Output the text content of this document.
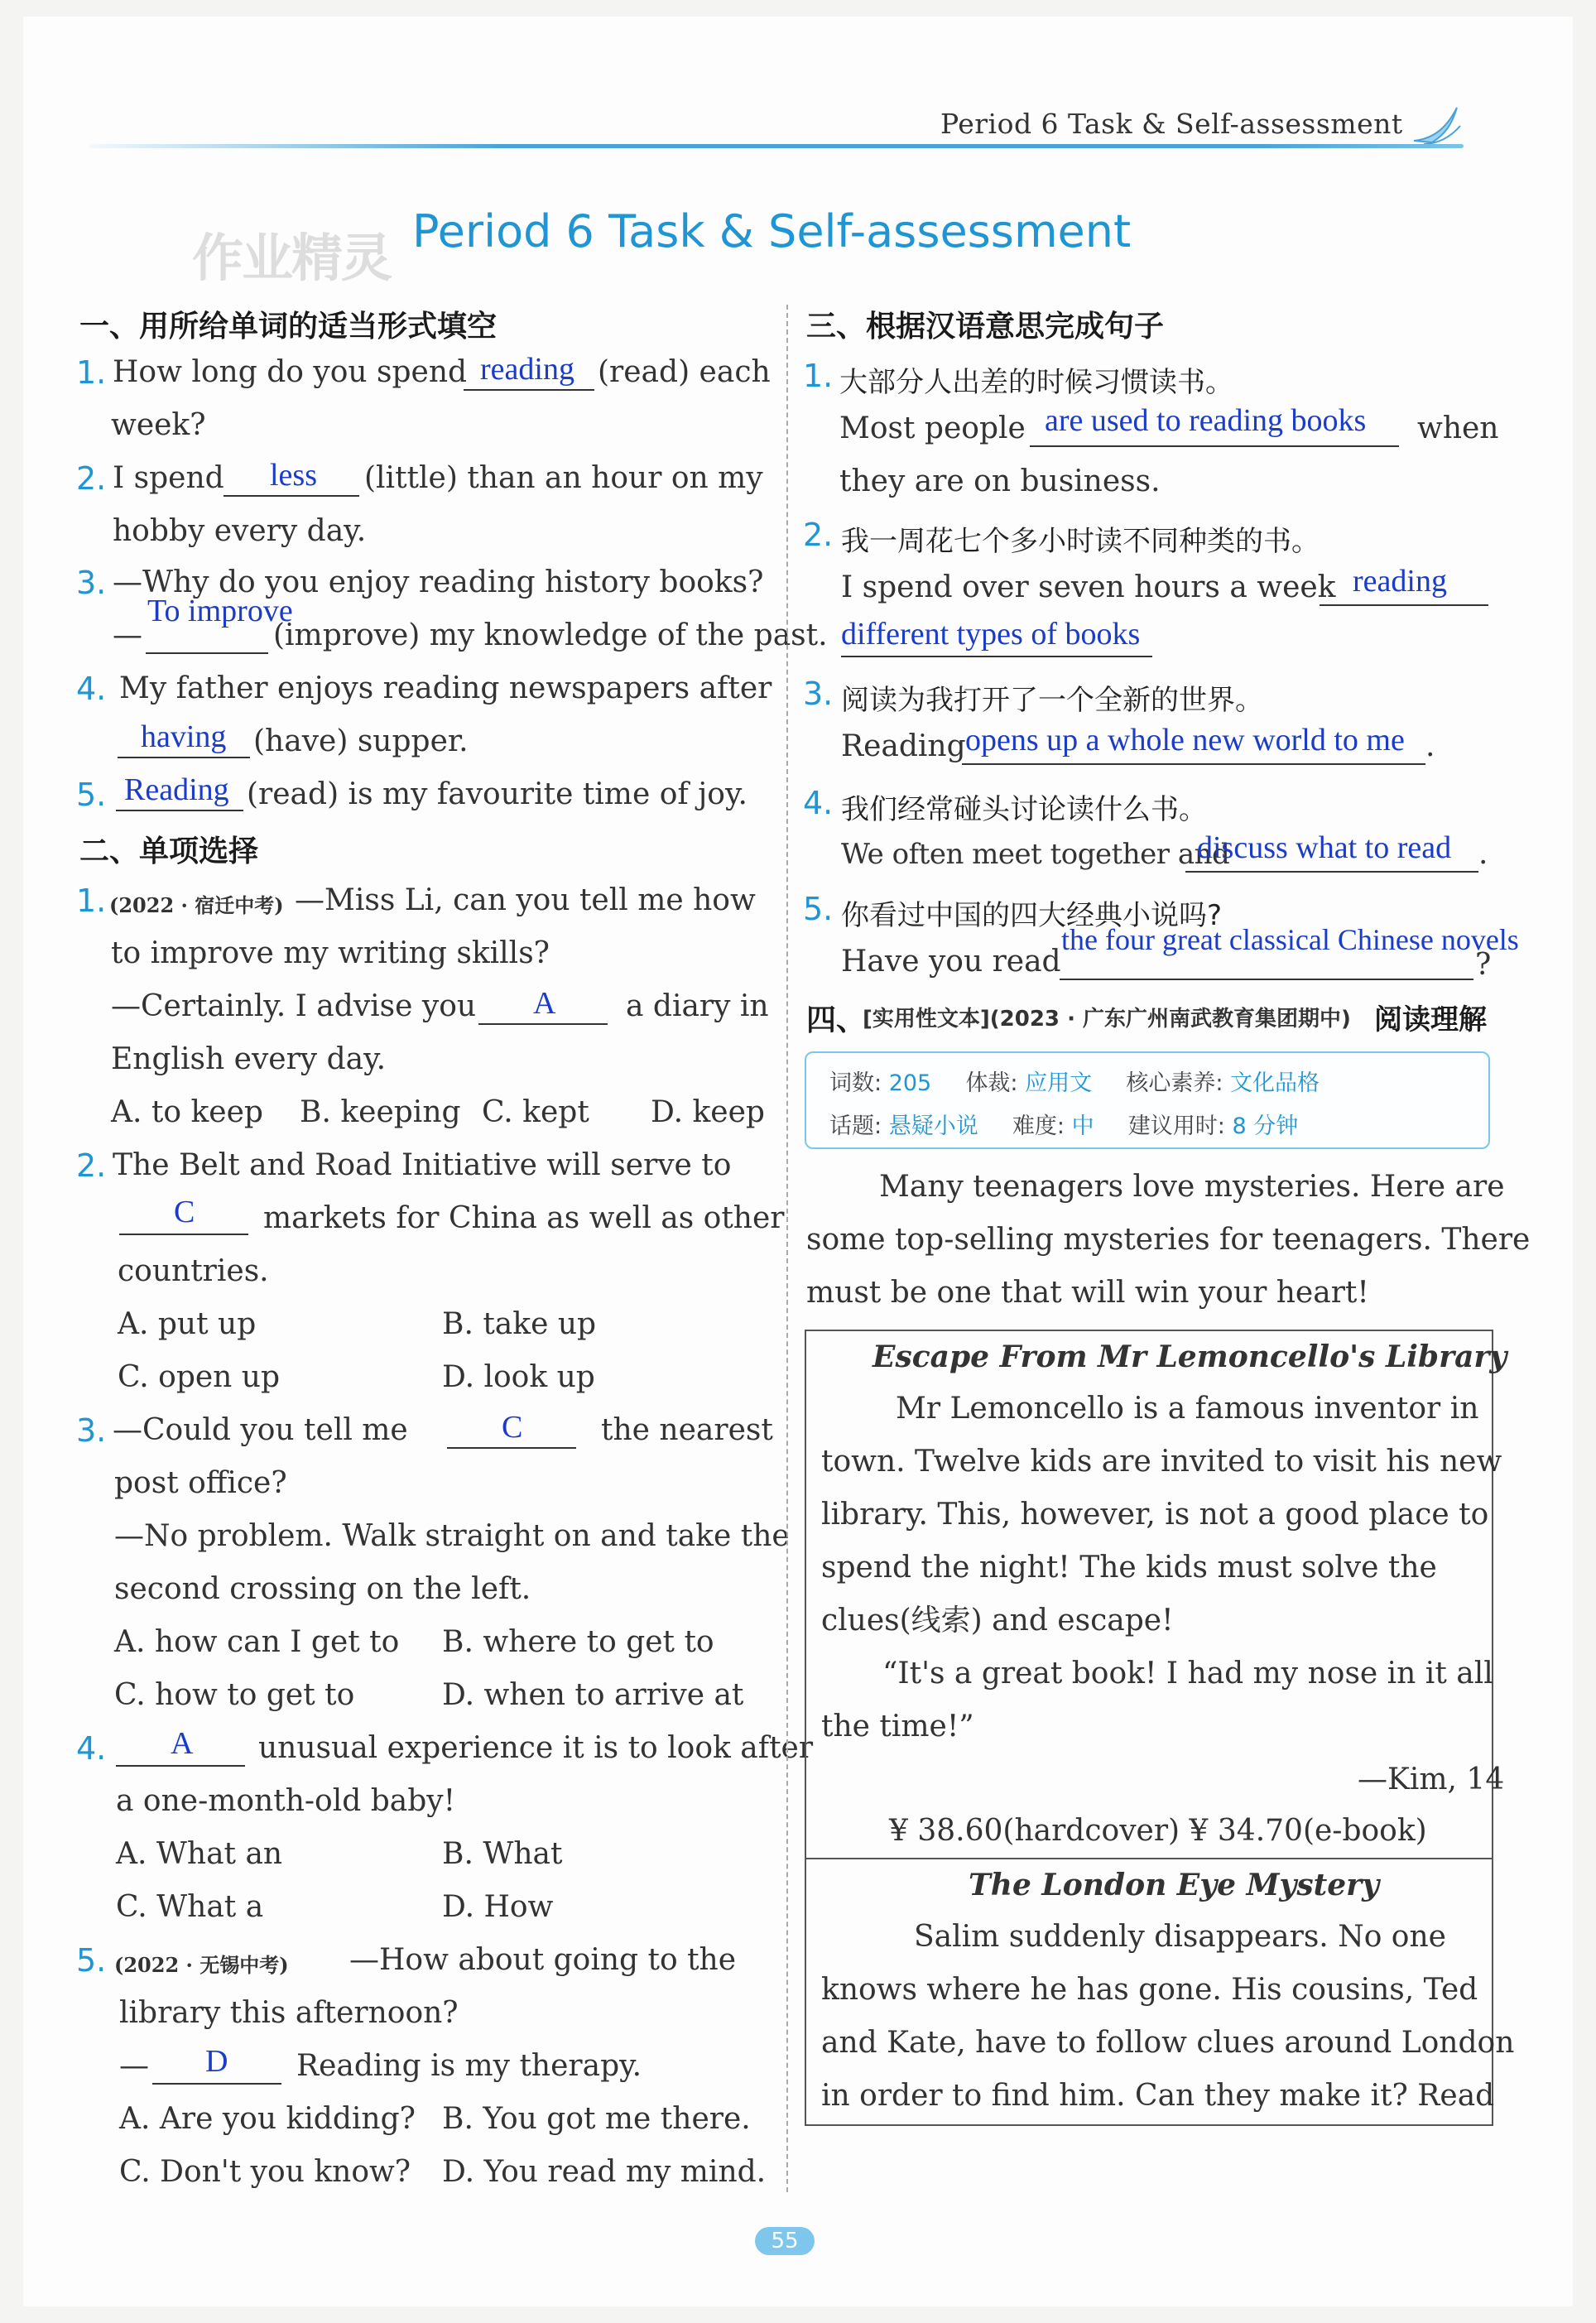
Period 6 Task & Self-assessment
作业精灵 Period 6 Task & Self-assessment
一、用所给单词的适当形式填空
1. How long do you spend reading (read) each
week?
2. I spend less (little) than an hour on my
hobby every day.
3. —Why do you enjoy reading history books?
—
To improve
(improve) my knowledge of the past.
4. My father enjoys reading newspapers after
having (have) supper.
5. Reading (read) is my favourite time of joy.
二、单项选择
1. (2022 · 宿迁中考) —Miss Li, can you tell me how
to improve my writing skills?
—Certainly. I advise you A a diary in
English every day.
A. to keep B. keeping C. kept D. keep
2. The Belt and Road Initiative will serve to
C markets for China as well as other
countries.
A. put up	B. take up
C. open up	D. look up
3. —Could you tell me	C	the nearest
post office?
—No problem. Walk straight on and take the
second crossing on the left.
A. how can I get to B. where to get to
C. how to get to	D. when to arrive at
4. A unusual experience it is to look after
a one-month-old baby!
A. What an	B. What
C. What a	D. How
5. (2022 · 无锡中考) —How about going to the
library this afternoon?
— D Reading is my therapy.
A. Are you kidding? B. You got me there.
C. Don't you know? D. You read my mind.
三、根据汉语意思完成句子
1. 大部分人出差的时候习惯读书。
Most people are used to reading books when
they are on business.
2. 我一周花七个多小时读不同种类的书。
I spend over seven hours a week reading
different types of books
3. 阅读为我打开了一个全新的世界。
Reading opens up a whole new world to me .
4. 我们经常碰头讨论读什么书。
We often meet together and
discuss what to read .
5. 你看过中国的四大经典小说吗?
Have you read
the four great classical Chinese novels
?
四、
[实用性文本](2023 · 广东广州南武教育集团期中) 阅读理解
词数: 205 体裁: 应用文 核心素养: 文化品格
话题: 悬疑小说 难度: 中 建议用时: 8 分钟
Many teenagers love mysteries. Here are
some top-selling mysteries for teenagers. There
must be one that will win your heart!
Escape From Mr Lemoncello's Library
Mr Lemoncello is a famous inventor in
town. Twelve kids are invited to visit his new
library. This, however, is not a good place to
spend the night! The kids must solve the
clues(线索) and escape!
“It's a great book! I had my nose in it all
the time!”
—Kim, 14
¥ 38.60(hardcover) ¥ 34.70(e-book)
The London Eye Mystery
Salim suddenly disappears. No one
knows where he has gone. His cousins, Ted
and Kate, have to follow clues around London
in order to find him. Can they make it? Read
55
